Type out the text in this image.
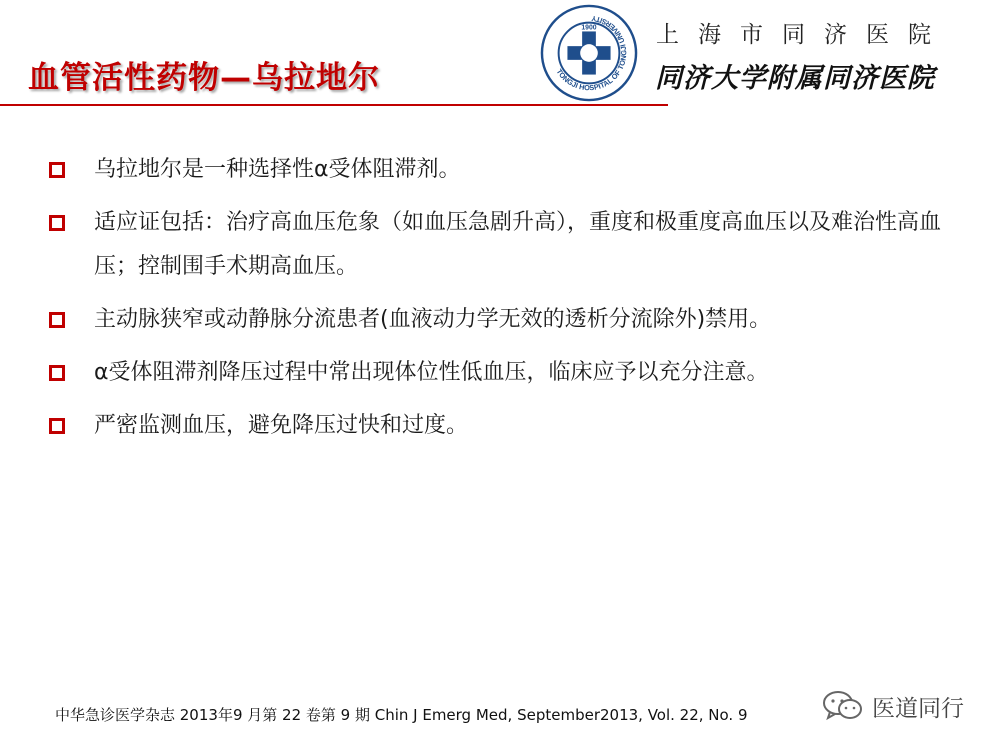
血管活性药物—乌拉地尔	TONGJI HOSPITAL OF TONGJI UNIVERSITY
1900	上海市同济医院
同济大学附属同济医院
乌拉地尔是一种选择性α受体阻滞剂。
适应证包括：治疗高血压危象（如血压急剧升高），重度和极重度高血压以及难治性高血压；控制围手术期高血压。
主动脉狭窄或动静脉分流患者(血液动力学无效的透析分流除外)禁用。
α受体阻滞剂降压过程中常出现体位性低血压，临床应予以充分注意。
严密监测血压，避免降压过快和过度。
中华急诊医学杂志 2013年9 月第 22 卷第 9 期 Chin J Emerg Med, September2013, Vol. 22, No. 9	医道同行
